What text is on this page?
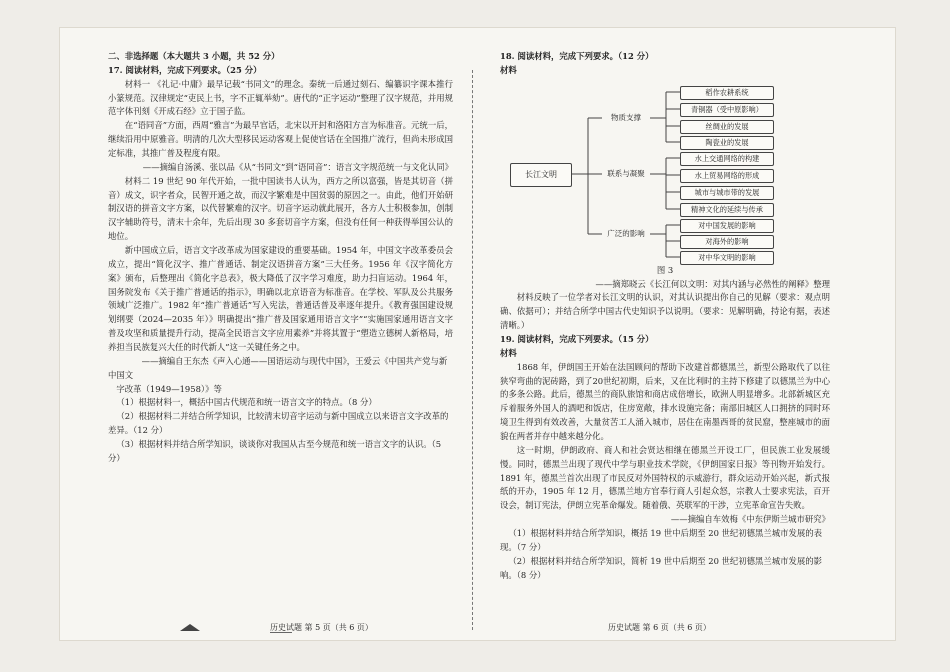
二、非选择题（本大题共 3 小题，共 52 分）

17. 阅读材料，完成下列要求。（25 分）

材料一 《礼记·中庸》最早记载“书同文”的理念。秦统一后通过刻石、编纂识字课本推行小篆规范。汉律规定“吏民上书，字不正辄举劾”。唐代的“正字运动”整理了汉字规范，并用规范字体刊刻《开成石经》立于国子监。

在“语同音”方面，西周“雅言”为最早官话，北宋以开封和洛阳方言为标准音。元统一后，继续沿用中原雅音。明清的几次大型移民运动客观上促使官话在全国推广流行，但尚未形成国定标准，其推广普及程度有限。

——摘编自汤溪、张以品《从“书同文”到“语同音”：语言文字规范统一与文化认同》

材料二 19 世纪 90 年代开始，一批中国读书人认为，西方之所以富强，皆是其切音（拼音）成文，识字者众，民智开通之故，而汉字繁难是中国贫弱的原因之一。由此，他们开始研制汉语的拼音文字方案，以代替繁难的汉字。切音字运动就此展开，各方人士积极参加，创制汉字辅助符号，清末十余年，先后出现 30 多套切音字方案，但没有任何一种获得举国公认的地位。

新中国成立后，语言文字改革成为国家建设的重要基础。1954 年，中国文字改革委员会成立，提出“简化汉字、推广普通话、制定汉语拼音方案”三大任务。1956 年《汉字简化方案》颁布，后整理出《简化字总表》，极大降低了汉字学习难度，助力扫盲运动。1964 年，国务院发布《关于推广普通话的指示》，明确以北京语音为标准音。在学校、军队及公共服务领域广泛推广。1982 年“推广普通话”写入宪法，普通话普及率逐年提升。《教育强国建设规划纲要（2024—2035 年）》明确提出“推广普及国家通用语言文字”“实施国家通用语言文字普及攻坚和质量提升行动，提高全民语言文字应用素养”并将其置于“塑造立德树人新格局，培养担当民族复兴大任的时代新人”这一关键任务之中。

——摘编自王东杰《声入心通——国语运动与现代中国》，王爱云《中国共产党与新中国文

字改革（1949—1958）》等

（1）根据材料一，概括中国古代规范和统一语言文字的特点。（8 分）

（2）根据材料二并结合所学知识，比较清末切音字运动与新中国成立以来语言文字改革的差异。（12 分）

（3）根据材料并结合所学知识，谈谈你对我国从古至今规范和统一语言文字的认识。（5 分）

18. 阅读材料，完成下列要求。（12 分）

材料

长江文明
物质支撑
联系与凝聚
广泛的影响
稻作农耕系统
青铜器（受中原影响）
丝绸业的发展
陶瓷业的发展
水上交通网络的构建
水上贸易网络的形成
城市与城市带的发展
精神文化的延续与传承
对中国发展的影响
对海外的影响
对中华文明的影响

图 3

——摘郑晓云《长江何以文明：对其内涵与必然性的阐释》整理

材料反映了一位学者对长江文明的认识，对其认识提出你自己的见解（要求：观点明确、依据可）；并结合所学中国古代史知识予以说明。（要求：见解明确，持论有据，表述清晰。）

19. 阅读材料，完成下列要求。（15 分）

材料

1868 年，伊朗国王开始在法国顾问的帮助下改建首都德黑兰，新型公路取代了以往狭窄弯曲的泥砖路，到了20世纪初期，后来，又在比利时的主持下修建了以德黑兰为中心的多条公路。此后，德黑兰的商队旅馆和商店成倍增长，欧洲人明显增多。北部新城区充斥着服务外国人的酒吧和饭店，住房宽敞，排水设施完备；南部旧城区人口拥挤的同时环境卫生得到有效改善，大量贫苦工人涌入城市，居住在南墨西哥的贫民窟，整座城市的面貌在两者并存中越来越分化。

这一时期，伊朗政府、商人和社会贤达相继在德黑兰开设工厂，但民族工业发展缓慢。同时，德黑兰出现了现代中学与职业技术学院，《伊朗国家日报》等刊物开始发行。1891 年，德黑兰首次出现了市民反对外国特权的示威游行，群众运动开始兴起，新式报纸的开办，1905 年 12 月，德黑兰地方官奉行商人引起众怒，宗教人士要求宪法，百开设会，制订宪法，伊朗立宪革命爆发。随着俄、英联军的干涉，立宪革命宣告失败。

——摘编自车效梅《中东伊斯兰城市研究》

（1）根据材料并结合所学知识，概括 19 世中后期至 20 世纪初德黑兰城市发展的表现。（7 分）

（2）根据材料并结合所学知识，简析 19 世中后期至 20 世纪初德黑兰城市发展的影响。（8 分）

历史试题 第 5 页（共 6 页）	历史试题 第 6 页（共 6 页）
